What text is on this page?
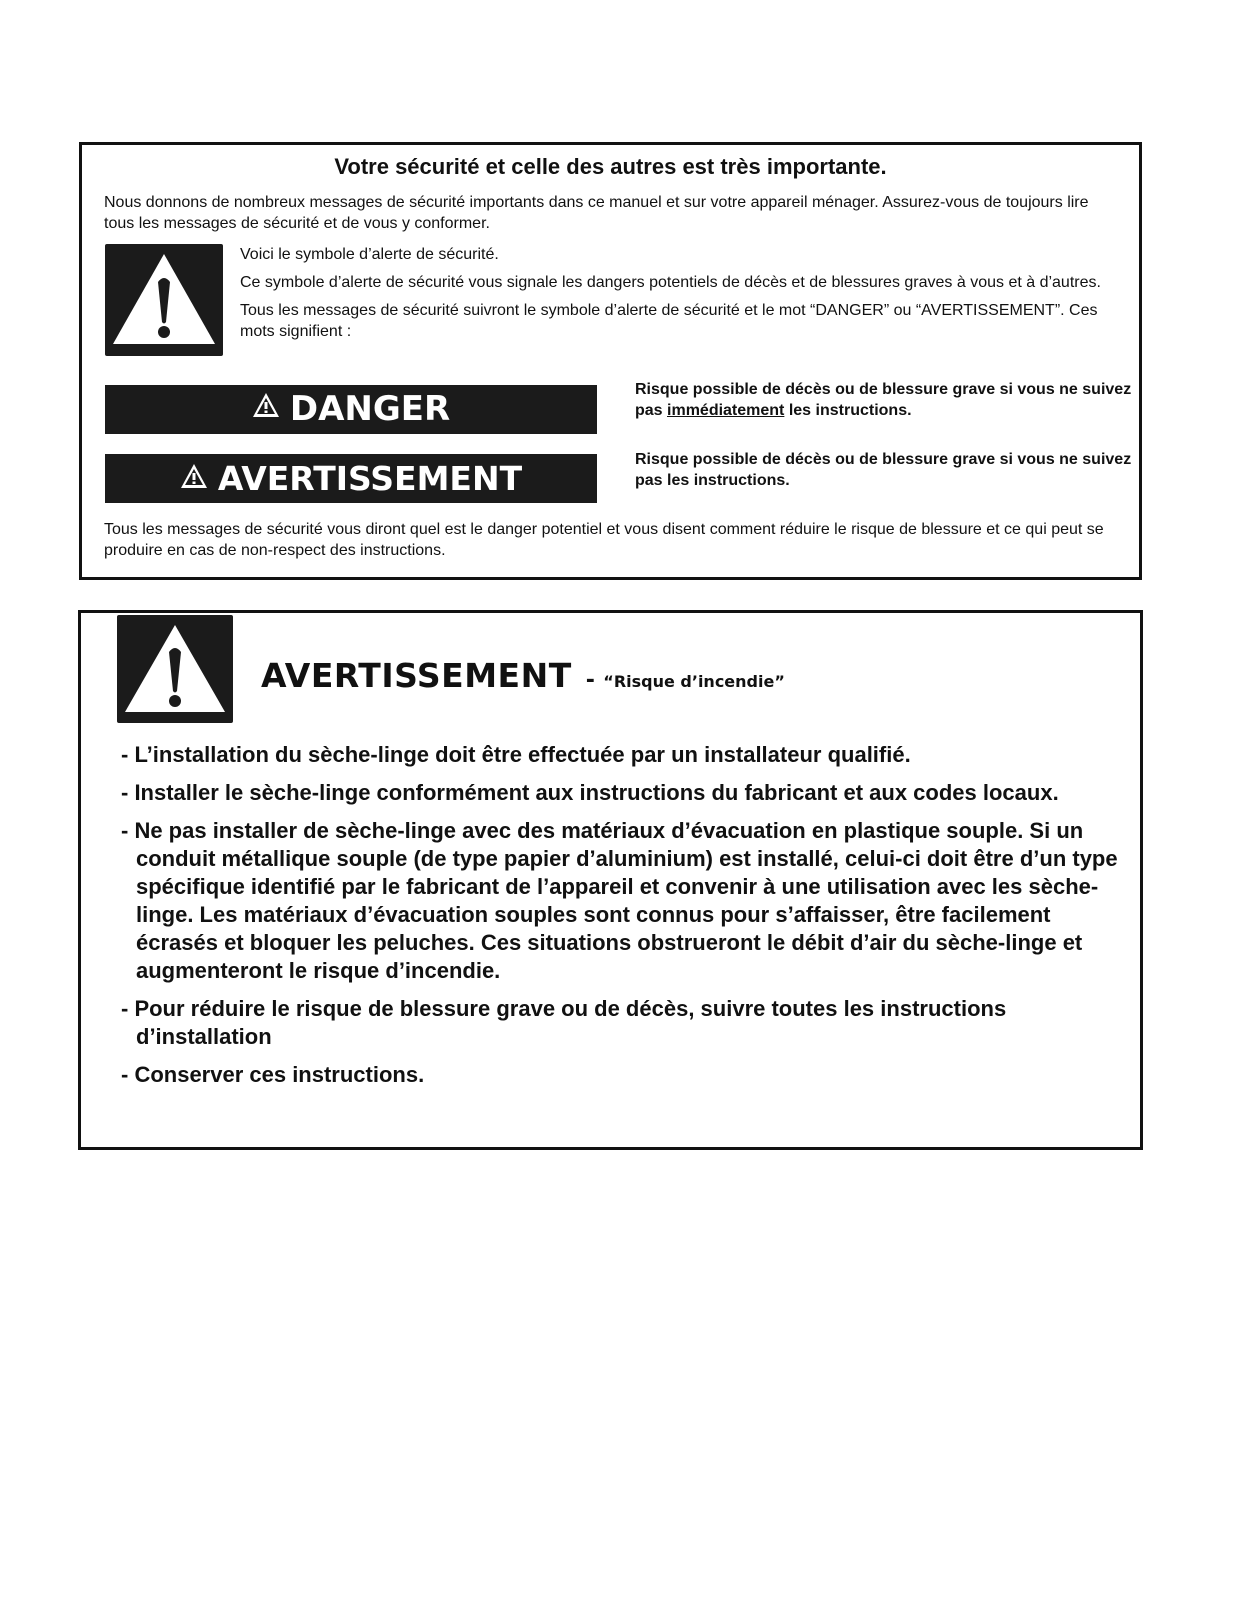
Votre sécurité et celle des autres est très importante.
Nous donnons de nombreux messages de sécurité importants dans ce manuel et sur votre appareil ménager. Assurez-vous de toujours lire tous les messages de sécurité et de vous y conformer.

Voici le symbole d’alerte de sécurité.

Ce symbole d’alerte de sécurité vous signale les dangers potentiels de décès et de blessures graves à vous et à d’autres.

Tous les messages de sécurité suivront le symbole d’alerte de sécurité et le mot “DANGER” ou “AVERTISSEMENT”. Ces mots signifient :

DANGER	Risque possible de décès ou de blessure grave si vous ne suivez pas immédiatement les instructions.
AVERTISSEMENT	Risque possible de décès ou de blessure grave si vous ne suivez pas les instructions.
Tous les messages de sécurité vous diront quel est le danger potentiel et vous disent comment réduire le risque de blessure et ce qui peut se produire en cas de non-respect des instructions.
AVERTISSEMENT - “Risque d’incendie”

- L’installation du sèche-linge doit être effectuée par un installateur qualifié.

- Installer le sèche-linge conformément aux instructions du fabricant et aux codes locaux.

- Ne pas installer de sèche-linge avec des matériaux d’évacuation en plastique souple. Si un conduit métallique souple (de type papier d’aluminium) est installé, celui-ci doit être d’un type spécifique identifié par le fabricant de l’appareil et convenir à une utilisation avec les sèche-linge. Les matériaux d’évacuation souples sont connus pour s’affaisser, être facilement écrasés et bloquer les peluches. Ces situations obstrueront le débit d’air du sèche-linge et augmenteront le risque d’incendie.

- Pour réduire le risque de blessure grave ou de décès, suivre toutes les instructions d’installation

- Conserver ces instructions.
